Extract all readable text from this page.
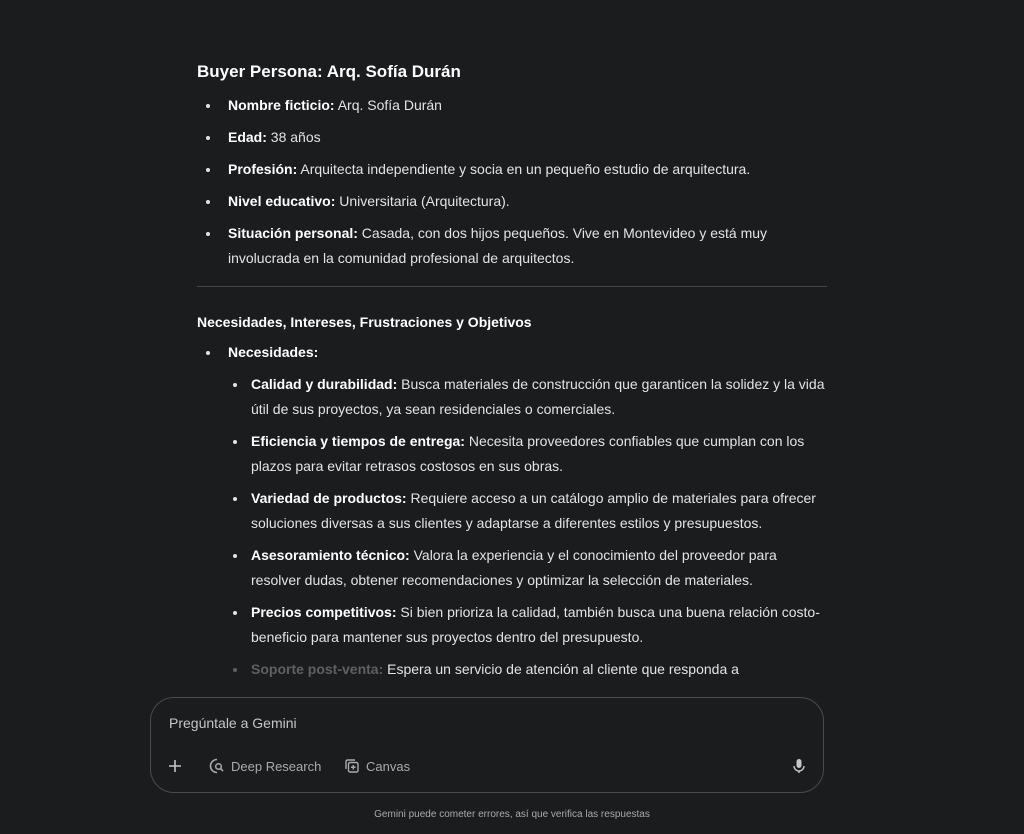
Buyer Persona: Arq. Sofía Durán
Nombre ficticio: Arq. Sofía Durán
Edad: 38 años
Profesión: Arquitecta independiente y socia en un pequeño estudio de arquitectura.
Nivel educativo: Universitaria (Arquitectura).
Situación personal: Casada, con dos hijos pequeños. Vive en Montevideo y está muy involucrada en la comunidad profesional de arquitectos.
Necesidades, Intereses, Frustraciones y Objetivos
Necesidades:
Calidad y durabilidad: Busca materiales de construcción que garanticen la solidez y la vida útil de sus proyectos, ya sean residenciales o comerciales.
Eficiencia y tiempos de entrega: Necesita proveedores confiables que cumplan con los plazos para evitar retrasos costosos en sus obras.
Variedad de productos: Requiere acceso a un catálogo amplio de materiales para ofrecer soluciones diversas a sus clientes y adaptarse a diferentes estilos y presupuestos.
Asesoramiento técnico: Valora la experiencia y el conocimiento del proveedor para resolver dudas, obtener recomendaciones y optimizar la selección de materiales.
Precios competitivos: Si bien prioriza la calidad, también busca una buena relación costo-beneficio para mantener sus proyectos dentro del presupuesto.
Soporte post-venta: Espera un servicio de atención al cliente que responda a
Pregúntale a Gemini
Deep Research	Canvas
Gemini puede cometer errores, así que verifica las respuestas
